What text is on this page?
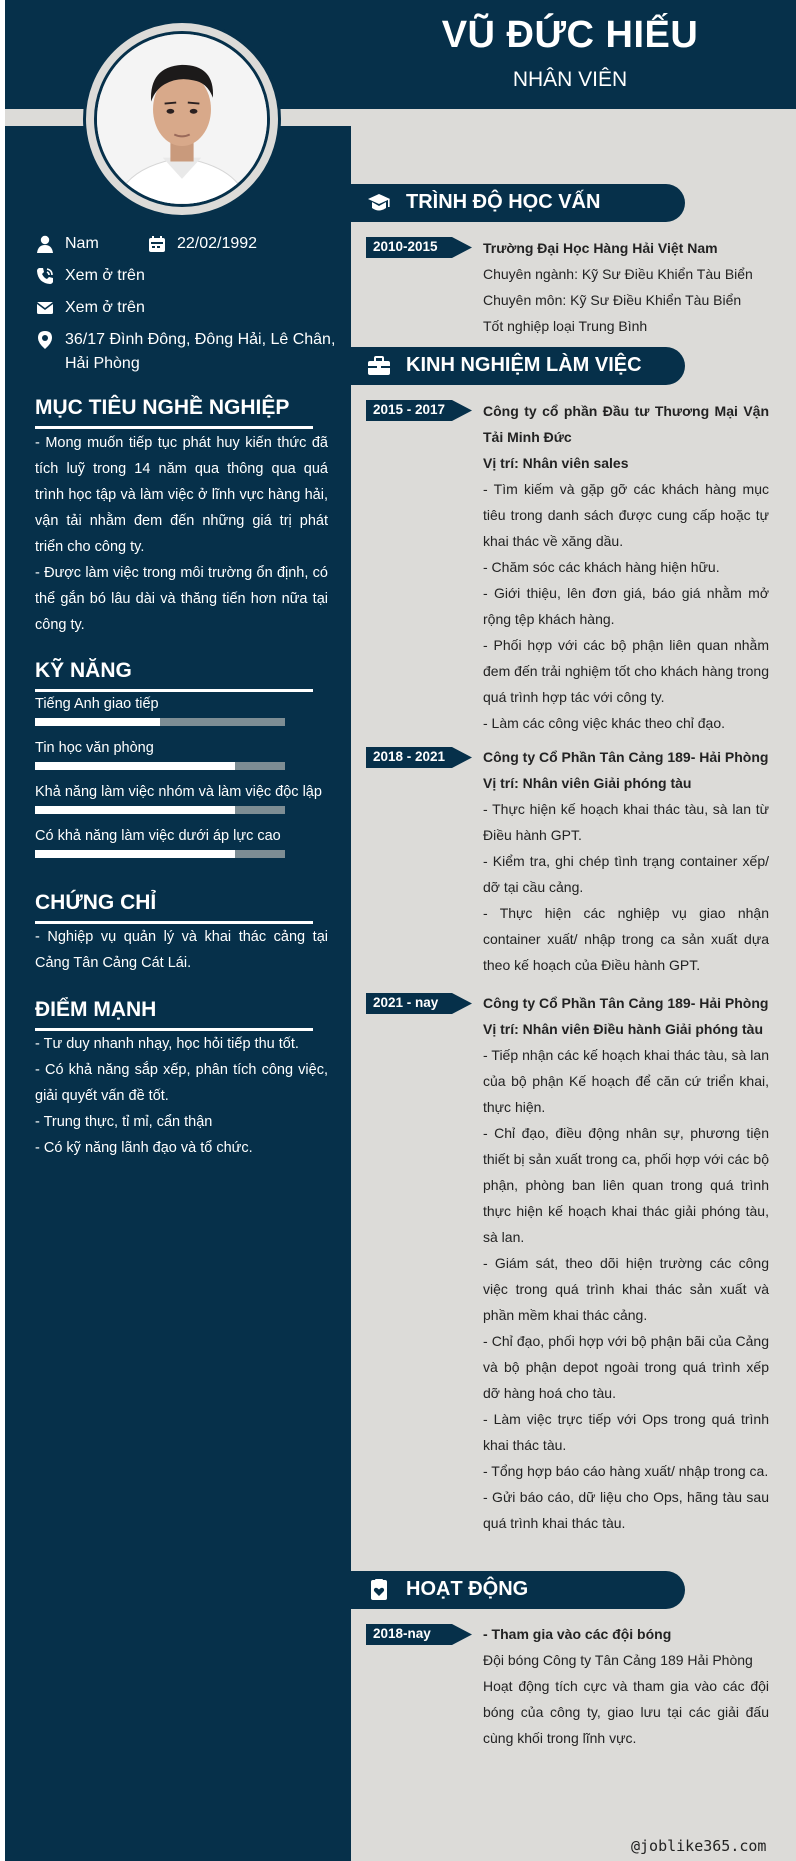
VŨ ĐỨC HIẾU
NHÂN VIÊN
Nam	22/02/1992
Xem ở trên
Xem ở trên
36/17 Đình Đông, Đông Hải, Lê Chân,
Hải Phòng
MỤC TIÊU NGHỀ NGHIỆP
- Mong muốn tiếp tục phát huy kiến thức đã tích luỹ trong 14 năm qua thông qua quá trình học tập và làm việc ở lĩnh vực hàng hải, vận tải nhằm đem đến những giá trị phát triển cho công ty.
- Được làm việc trong môi trường ổn định, có thể gắn bó lâu dài và thăng tiến hơn nữa tại công ty.
KỸ NĂNG
Tiếng Anh giao tiếp
Tin học văn phòng
Khả năng làm việc nhóm và làm việc độc lập
Có khả năng làm việc dưới áp lực cao
CHỨNG CHỈ
- Nghiệp vụ quản lý và khai thác cảng tại Cảng Tân Cảng Cát Lái.
ĐIỂM MẠNH
- Tư duy nhanh nhạy, học hỏi tiếp thu tốt.
- Có khả năng sắp xếp, phân tích công việc, giải quyết vấn đề tốt.
- Trung thực, tỉ mỉ, cẩn thận
- Có kỹ năng lãnh đạo và tổ chức.
TRÌNH ĐỘ HỌC VẤN
2010-2015	Trường Đại Học Hàng Hải Việt Nam
Chuyên ngành: Kỹ Sư Điều Khiển Tàu Biển
Chuyên môn: Kỹ Sư Điều Khiển Tàu Biển
Tốt nghiệp loại Trung Bình
KINH NGHIỆM LÀM VIỆC
2015 - 2017	Công ty cổ phần Đầu tư Thương Mại Vận Tải Minh Đức
Vị trí: Nhân viên sales
- Tìm kiếm và gặp gỡ các khách hàng mục tiêu trong danh sách được cung cấp hoặc tự khai thác về xăng dầu.
- Chăm sóc các khách hàng hiện hữu.
- Giới thiệu, lên đơn giá, báo giá nhằm mở rộng tệp khách hàng.
- Phối hợp với các bộ phận liên quan nhằm đem đến trải nghiệm tốt cho khách hàng trong quá trình hợp tác với công ty.
- Làm các công việc khác theo chỉ đạo.
2018 - 2021	Công ty Cổ Phần Tân Cảng 189- Hải Phòng
Vị trí: Nhân viên Giải phóng tàu
- Thực hiện kế hoạch khai thác tàu, sà lan từ Điều hành GPT.
- Kiểm tra, ghi chép tình trạng container xếp/ dỡ tại cầu cảng.
- Thực hiện các nghiệp vụ giao nhận container xuất/ nhập trong ca sản xuất dựa theo kế hoạch của Điều hành GPT.
2021 - nay	Công ty Cổ Phần Tân Cảng 189- Hải Phòng
Vị trí: Nhân viên Điều hành Giải phóng tàu
- Tiếp nhận các kế hoạch khai thác tàu, sà lan của bộ phận Kế hoạch để căn cứ triển khai, thực hiện.
- Chỉ đạo, điều động nhân sự, phương tiện thiết bị sản xuất trong ca, phối hợp với các bộ phận, phòng ban liên quan trong quá trình thực hiện kế hoạch khai thác giải phóng tàu, sà lan.
- Giám sát, theo dõi hiện trường các công việc trong quá trình khai thác sản xuất và phần mềm khai thác cảng.
- Chỉ đạo, phối hợp với bộ phận bãi của Cảng và bộ phận depot ngoài trong quá trình xếp dỡ hàng hoá cho tàu.
- Làm việc trực tiếp với Ops trong quá trình khai thác tàu.
- Tổng hợp báo cáo hàng xuất/ nhập trong ca.
- Gửi báo cáo, dữ liệu cho Ops, hãng tàu sau quá trình khai thác tàu.
HOẠT ĐỘNG
2018-nay	- Tham gia vào các đội bóng
Đội bóng Công ty Tân Cảng 189 Hải Phòng
Hoạt động tích cực và tham gia vào các đội bóng của công ty, giao lưu tại các giải đấu cùng khối trong lĩnh vực.
@joblike365.com
